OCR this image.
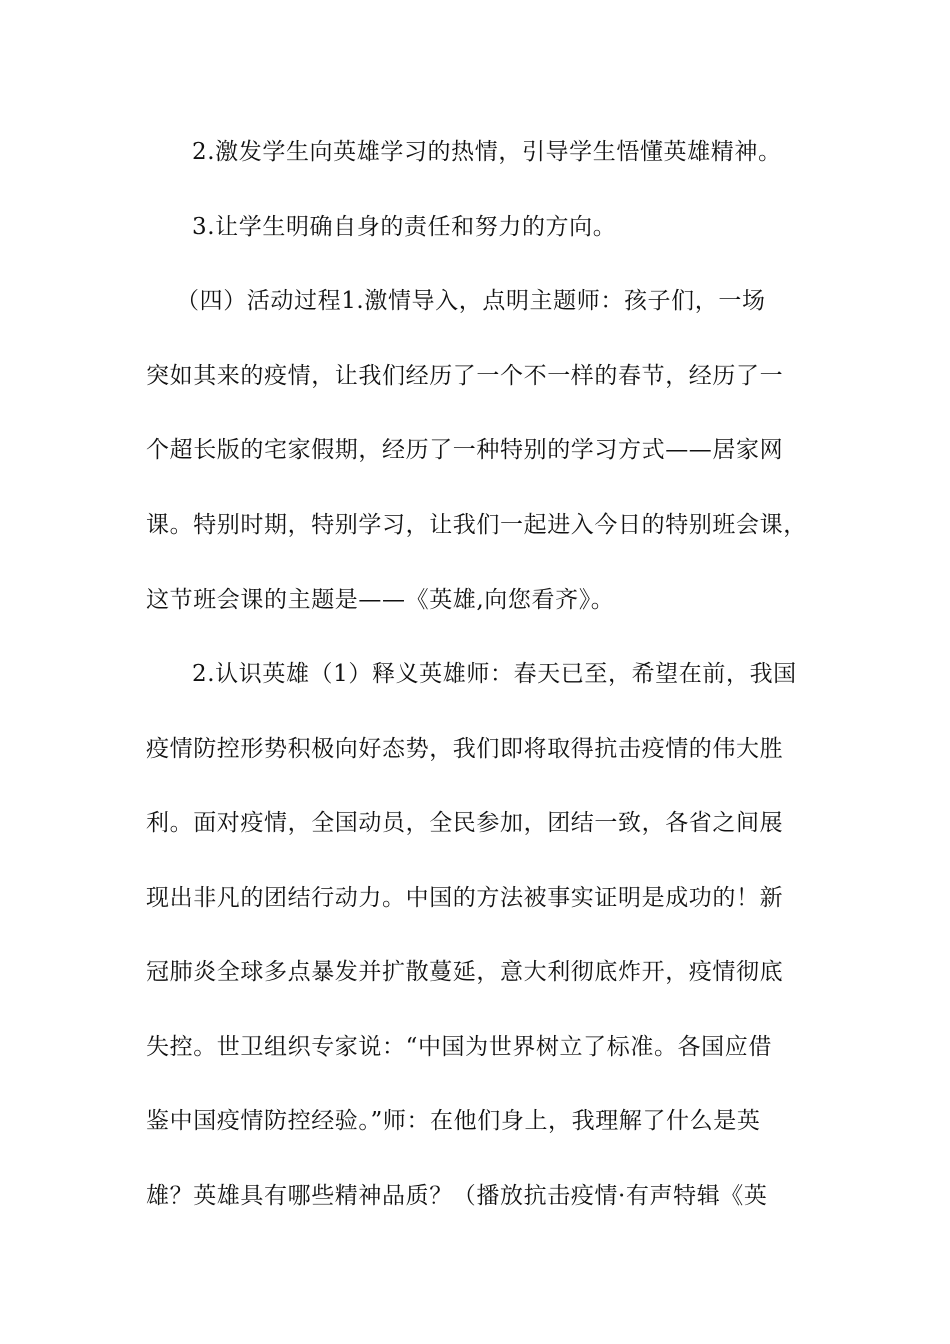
2.激发学生向英雄学习的热情，引导学生悟懂英雄精神。
3.让学生明确自身的责任和努力的方向。
（四）活动过程1.激情导入，点明主题师：孩子们，一场
突如其来的疫情，让我们经历了一个不一样的春节，经历了一
个超长版的宅家假期，经历了一种特别的学习方式——居家网
课。特别时期，特别学习，让我们一起进入今日的特别班会课，
这节班会课的主题是——《英雄,向您看齐》。
2.认识英雄（1）释义英雄师：春天已至，希望在前，我国
疫情防控形势积极向好态势，我们即将取得抗击疫情的伟大胜
利。面对疫情，全国动员，全民参加，团结一致，各省之间展
现出非凡的团结行动力。中国的方法被事实证明是成功的！新
冠肺炎全球多点暴发并扩散蔓延，意大利彻底炸开，疫情彻底
失控。世卫组织专家说：“中国为世界树立了标准。各国应借
鉴中国疫情防控经验。”师：在他们身上，我理解了什么是英
雄？英雄具有哪些精神品质？（播放抗击疫情·有声特辑《英
